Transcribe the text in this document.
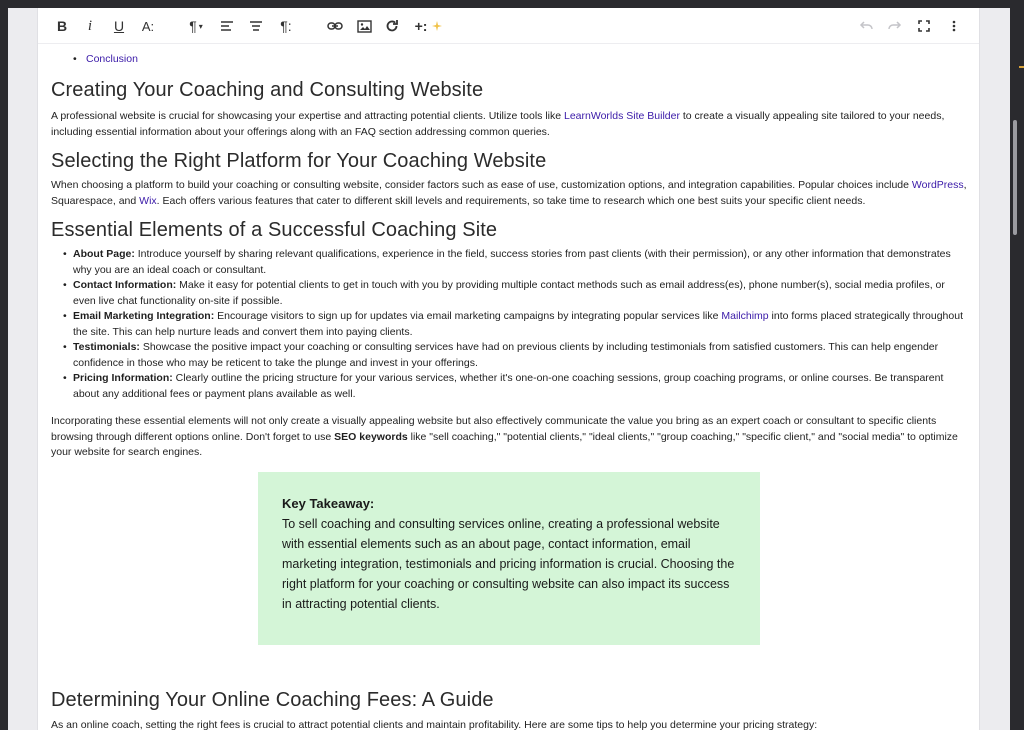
B i U A:	¶ ▾	¶:	+:
• Conclusion
Creating Your Coaching and Consulting Website

A professional website is crucial for showcasing your expertise and attracting potential clients. Utilize tools like LearnWorlds Site Builder to create a visually appealing site tailored to your needs, including essential information about your offerings along with an FAQ section addressing common queries.

Selecting the Right Platform for Your Coaching Website

When choosing a platform to build your coaching or consulting website, consider factors such as ease of use, customization options, and integration capabilities. Popular choices include WordPress, Squarespace, and Wix. Each offers various features that cater to different skill levels and requirements, so take time to research which one best suits your specific client needs.

Essential Elements of a Successful Coaching Site
• About Page: Introduce yourself by sharing relevant qualifications, experience in the field, success stories from past clients (with their permission), or any other information that demonstrates why you are an ideal coach or consultant.
• Contact Information: Make it easy for potential clients to get in touch with you by providing multiple contact methods such as email address(es), phone number(s), social media profiles, or even live chat functionality on-site if possible.
• Email Marketing Integration: Encourage visitors to sign up for updates via email marketing campaigns by integrating popular services like Mailchimp into forms placed strategically throughout the site. This can help nurture leads and convert them into paying clients.
• Testimonials: Showcase the positive impact your coaching or consulting services have had on previous clients by including testimonials from satisfied customers. This can help engender confidence in those who may be reticent to take the plunge and invest in your offerings.
• Pricing Information: Clearly outline the pricing structure for your various services, whether it's one-on-one coaching sessions, group coaching programs, or online courses. Be transparent about any additional fees or payment plans available as well.

Incorporating these essential elements will not only create a visually appealing website but also effectively communicate the value you bring as an expert coach or consultant to specific clients browsing through different options online. Don't forget to use SEO keywords like "sell coaching," "potential clients," "ideal clients," "group coaching," "specific client," and "social media" to optimize your website for search engines.

Key Takeaway:
To sell coaching and consulting services online, creating a professional website with essential elements such as an about page, contact information, email marketing integration, testimonials and pricing information is crucial. Choosing the right platform for your coaching or consulting website can also impact its success in attracting potential clients.
Determining Your Online Coaching Fees: A Guide

As an online coach, setting the right fees is crucial to attract potential clients and maintain profitability. Here are some tips to help you determine your pricing strategy:
